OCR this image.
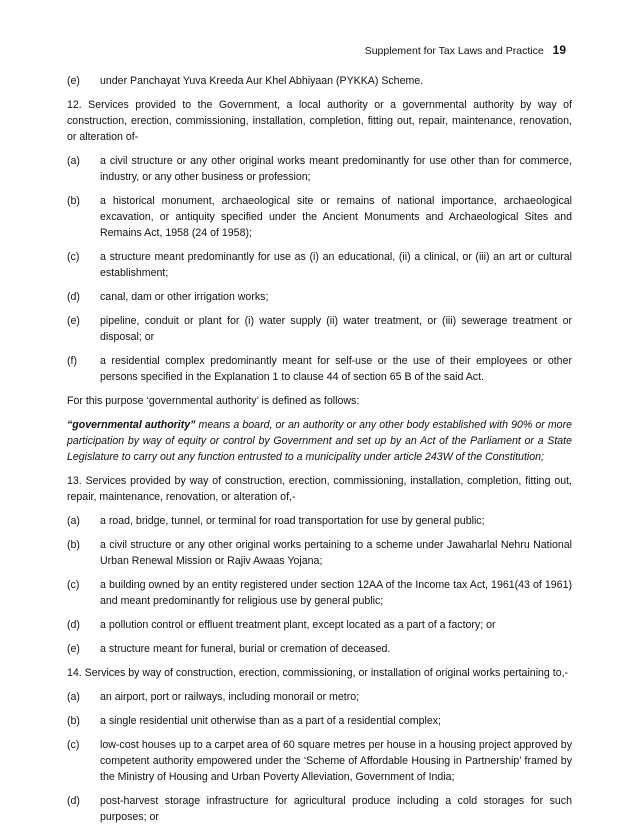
Supplement for Tax Laws and Practice 19
(e)	under Panchayat Yuva Kreeda Aur Khel Abhiyaan (PYKKA) Scheme.

12. Services provided to the Government, a local authority or a governmental authority by way of construction, erection, commissioning, installation, completion, fitting out, repair, maintenance, renovation, or alteration of-

(a)	a civil structure or any other original works meant predominantly for use other than for commerce, industry, or any other business or profession;
(b)	a historical monument, archaeological site or remains of national importance, archaeological excavation, or antiquity specified under the Ancient Monuments and Archaeological Sites and Remains Act, 1958 (24 of 1958);
(c)	a structure meant predominantly for use as (i) an educational, (ii) a clinical, or (iii) an art or cultural establishment;
(d)	canal, dam or other irrigation works;
(e)	pipeline, conduit or plant for (i) water supply (ii) water treatment, or (iii) sewerage treatment or disposal; or
(f)	a residential complex predominantly meant for self-use or the use of their employees or other persons specified in the Explanation 1 to clause 44 of section 65 B of the said Act.

For this purpose ‘governmental authority’ is defined as follows:

“governmental authority” means a board, or an authority or any other body established with 90% or more participation by way of equity or control by Government and set up by an Act of the Parliament or a State Legislature to carry out any function entrusted to a municipality under article 243W of the Constitution;

13. Services provided by way of construction, erection, commissioning, installation, completion, fitting out, repair, maintenance, renovation, or alteration of,-

(a)	a road, bridge, tunnel, or terminal for road transportation for use by general public;
(b)	a civil structure or any other original works pertaining to a scheme under Jawaharlal Nehru National Urban Renewal Mission or Rajiv Awaas Yojana;
(c)	a building owned by an entity registered under section 12AA of the Income tax Act, 1961(43 of 1961) and meant predominantly for religious use by general public;
(d)	a pollution control or effluent treatment plant, except located as a part of a factory; or
(e)	a structure meant for funeral, burial or cremation of deceased.

14. Services by way of construction, erection, commissioning, or installation of original works pertaining to,-

(a)	an airport, port or railways, including monorail or metro;
(b)	a single residential unit otherwise than as a part of a residential complex;
(c)	low-cost houses up to a carpet area of 60 square metres per house in a housing project approved by competent authority empowered under the ‘Scheme of Affordable Housing in Partnership’ framed by the Ministry of Housing and Urban Poverty Alleviation, Government of India;
(d)	post-harvest storage infrastructure for agricultural produce including a cold storages for such purposes; or
